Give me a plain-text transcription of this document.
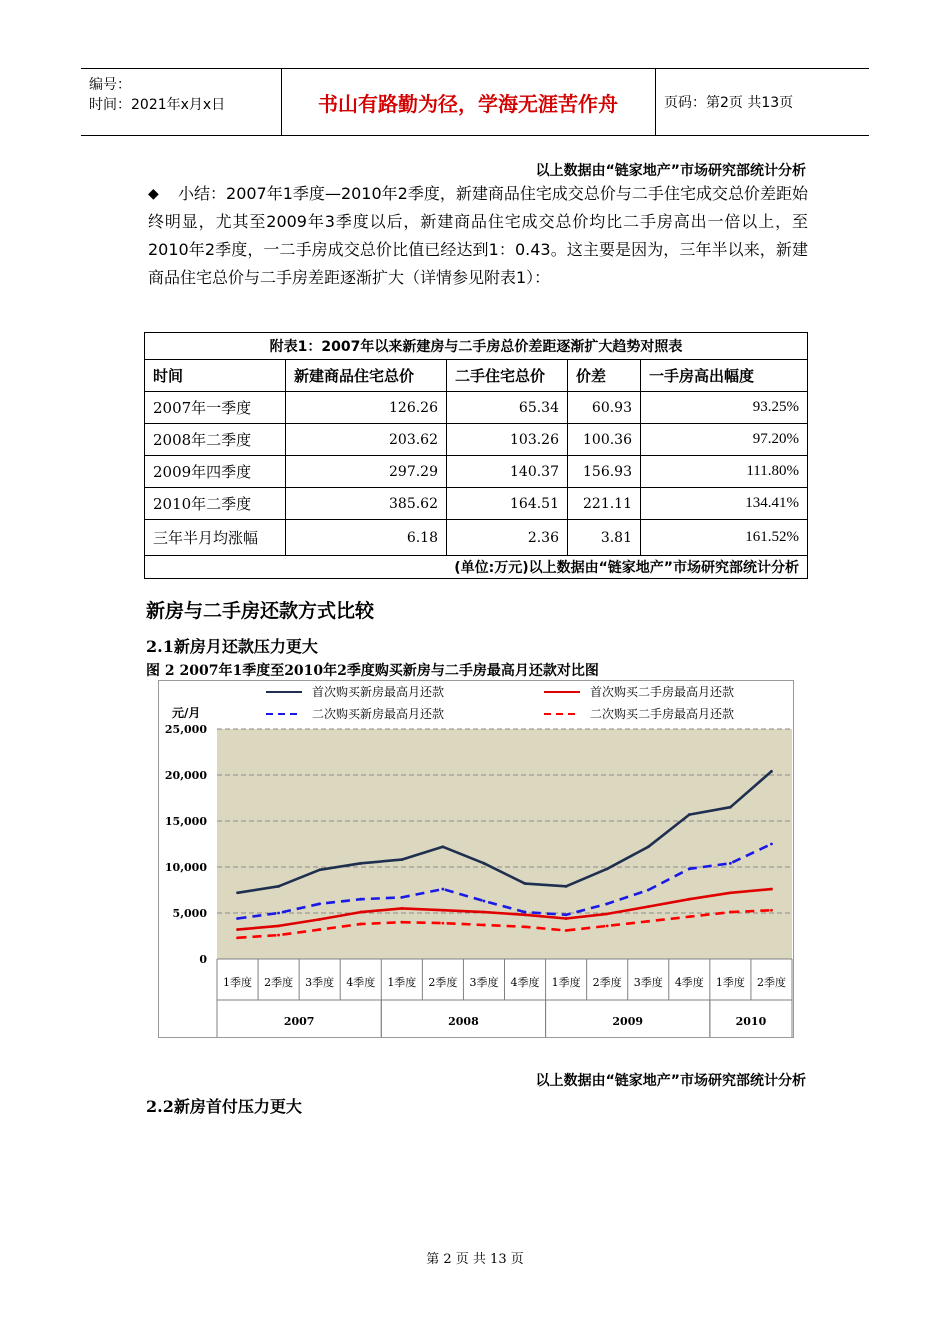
编号：
时间：2021年x月x日	书山有路勤为径，学海无涯苦作舟	页码：第2页 共13页
以上数据由“链家地产”市场研究部统计分析
◆	小结：2007年1季度—2010年2季度，新建商品住宅成交总价与二手住宅成交总价差距始终明显，尤其至2009年3季度以后，新建商品住宅成交总价均比二手房高出一倍以上，至2010年2季度，一二手房成交总价比值已经达到1：0.43。这主要是因为，三年半以来，新建商品住宅总价与二手房差距逐渐扩大（详情参见附表1）：

附表1：2007年以来新建房与二手房总价差距逐渐扩大趋势对照表				
时间	新建商品住宅总价	二手住宅总价	价差	一手房高出幅度
2007年一季度	126.26	65.34	60.93	93.25%
2008年二季度	203.62	103.26	100.36	97.20%
2009年四季度	297.29	140.37	156.93	111.80%
2010年二季度	385.62	164.51	221.11	134.41%
三年半月均涨幅	6.18	2.36	3.81	161.52%
(单位:万元)以上数据由“链家地产”市场研究部统计分析				
新房与二手房还款方式比较
2.1新房月还款压力更大
图 2 2007年1季度至2010年2季度购买新房与二手房最高月还款对比图
首次购买新房最高月还款	首次购买二手房最高月还款
二次购买新房最高月还款	二次购买二手房最高月还款
元/月
0
5,000
10,000
15,000
20,000
25,000
1季度 2季度 3季度 4季度 1季度 2季度 3季度 4季度 1季度 2季度 3季度 4季度 1季度 2季度
2007	2008	2009	2010
以上数据由“链家地产”市场研究部统计分析
2.2新房首付压力更大
第 2 页 共 13 页
